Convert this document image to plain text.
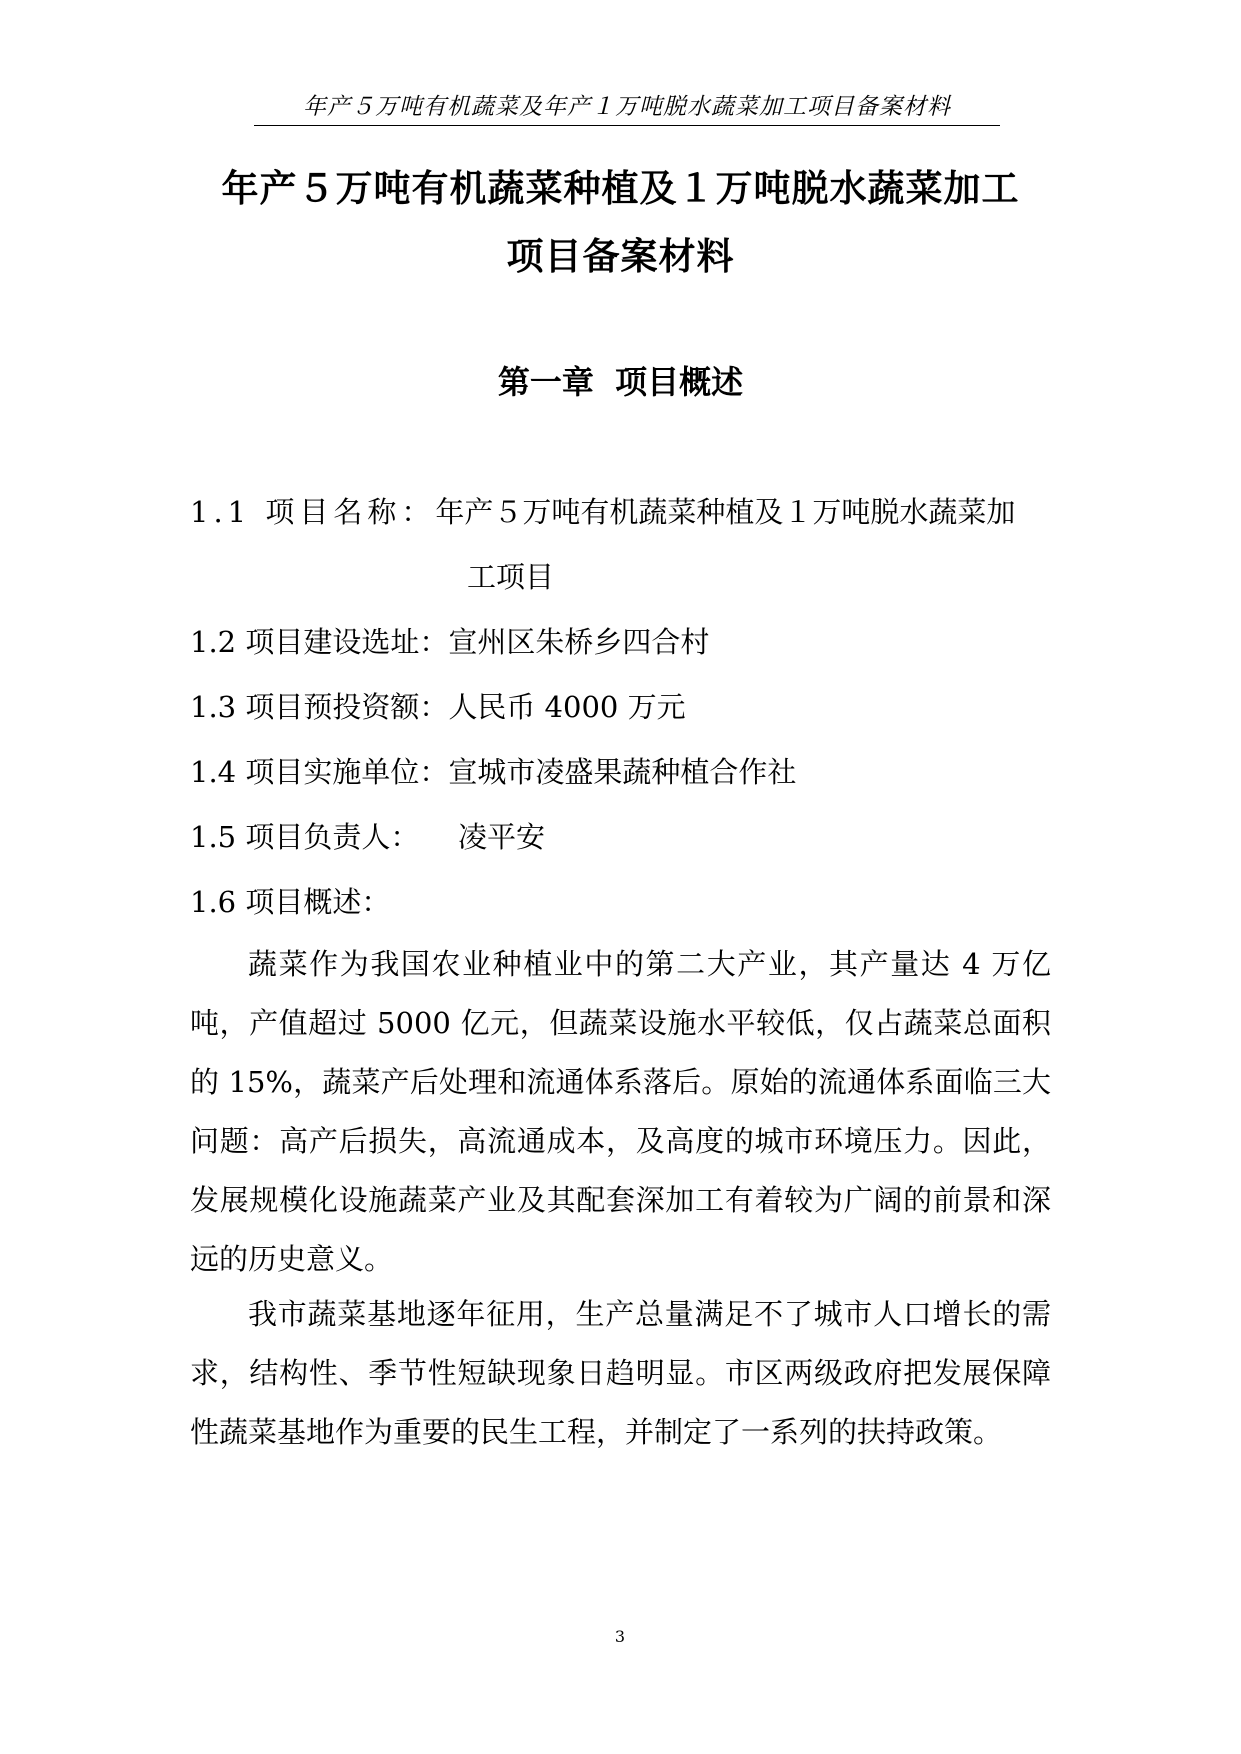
年产５万吨有机蔬菜及年产１万吨脱水蔬菜加工项目备案材料
年产５万吨有机蔬菜种植及１万吨脱水蔬菜加工
项目备案材料
第一章 项目概述
1.1 项目名称：年产５万吨有机蔬菜种植及１万吨脱水蔬菜加
工项目
1.2 项目建设选址：宣州区朱桥乡四合村
1.3 项目预投资额：人民币 4000 万元
1.4 项目实施单位：宣城市凌盛果蔬种植合作社
1.5 项目负责人： 凌平安
1.6 项目概述：

蔬菜作为我国农业种植业中的第二大产业，其产量达 4 万亿吨，产值超过 5000 亿元，但蔬菜设施水平较低，仅占蔬菜总面积的 15%，蔬菜产后处理和流通体系落后。原始的流通体系面临三大问题：高产后损失，高流通成本，及高度的城市环境压力。因此，发展规模化设施蔬菜产业及其配套深加工有着较为广阔的前景和深远的历史意义。

我市蔬菜基地逐年征用，生产总量满足不了城市人口增长的需求，结构性、季节性短缺现象日趋明显。市区两级政府把发展保障性蔬菜基地作为重要的民生工程，并制定了一系列的扶持政策。

3
